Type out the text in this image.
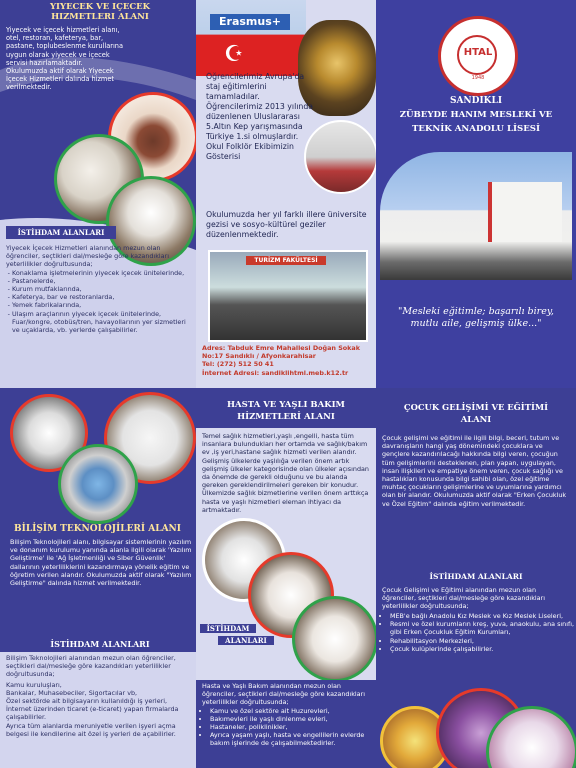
YIYECEK VE IÇECEK HIZMETLERI ALANI
Yiyecek ve içecek hizmetleri alanı, otel, restoran, kafeterya, bar, pastane, toplubeslenme kurullarına uygun olarak yiyecek ve içecek servisi hazırlamaktadır. Okulumuzda aktif olarak Yiyecek İçecek Hizmetleri dalında hizmet verilmektedir.
İSTİHDAM ALANLARI

Yiyecek İçecek Hizmetleri alanından mezun olan öğrenciler, seçtikleri dal/mesleğe göre kazandıkları yeterlilikler doğrultusunda;

- Konaklama işletmelerinin yiyecek içecek ünitelerinde,
- Pastanelerde,
- Kurum mutfaklarında,
- Kafeterya, bar ve restoranlarda,
- Yemek fabrikalarında,
- Ulaşım araçlarının yiyecek içecek ünitelerinde, Fuar/kongre, otobüs/tren, havayollarının yer sizmetleri ve uçaklarda, vb. yerlerde çalışabilirler.
Erasmus+
☪
• Öğrencilerimiz Avrupa'da staj eğitimlerini tamamladılar.
• Öğrencilerimiz 2013 yılında düzenlenen Uluslararası 5.Altın Kep yarışmasında Türkiye 1.si olmuşlardır.
• Okul Folklör Ekibimizin Gösterisi
• Okulumuzda her yıl farklı illere üniversite gezisi ve sosyo-kültürel geziler düzenlenmektedir.
TURİZM FAKÜLTESİ
Adres: Tabduk Emre Mahallesi Doğan Sokak No:17 Sandıklı / Afyonkarahisar
Tel: (272) 512 50 41
İnternet Adresi: sandiklihtml.meb.k12.tr
HTAL
1948
SANDIKLI
ZÜBEYDE HANIM MESLEKİ VE
TEKNİK ANADOLU LİSESİ
"Mesleki eğitimle; başarılı birey, mutlu aile, gelişmiş ülke..."
BİLİŞİM TEKNOLOJİLERİ ALANI
Bilişim Teknolojileri alanı, bilgisayar sistemlerinin yazılım ve donanım kurulumu yanında alanla ilgili olarak 'Yazılım Geliştirme' ile 'Ağ İşletmenliği ve Siber Güvenlik' dallarının yeterliliklerini kazandırmaya yönelik eğitim ve öğretim verilen alandır. Okulumuzda aktif olarak "Yazılım Geliştirme" dalında hizmet verilmektedir.
İSTİHDAM ALANLARI

Bilişim Teknolojileri alanından mezun olan öğrenciler, seçtikleri dal/mesleğe göre kazandıkları yeterlilikler doğrultusunda;

Kamu kuruluşları,
Bankalar, Muhasebeciler, Sigortacılar vb,
Özel sektörde ait bilgisayarın kullanıldığı iş yerleri, İnternet üzerinden ticaret (e-ticaret) yapan firmalarda çalışabilirler.
Ayrıca tüm alanlarda meruniyetle verilen işyeri açma belgesi ile kendilerine ait özel iş yerleri de açabilirler.
HASTA VE YAŞLI BAKIM
HİZMETLERİ ALANI
Temel sağlık hizmetleri,yaşlı ,engelli, hasta tüm insanlara bulundukları her ortamda ve sağlık/bakım ev ,iş yeri,hastane sağlık hizmeti verilen alandır. Gelişmiş ülkelerde yaşlılığa verilen önem artık gelişmiş ülkeler kategorisinde olan ülkeler açısından da önemde de gerekli olduğunu ve bu alanda gereken gereklendirilmeleri gereken bir konudur. Ülkemizde sağlık bizmetlerine verilen önem arttıkça hasta ve yaşlı hizmetleri eleman ihtiyacı da artmaktadır.
İSTİHDAM
ALANLARI

Hasta ve Yaşlı Bakım alanından mezun olan öğrenciler, seçtikleri dal/mesleğe göre kazandıkları yeterlilikler doğrultusunda;

• Kamu ve özel sektöre ait Huzurevleri,
• Bakımevleri ile yaşlı dinlenme evleri,
• Hastaneler, poliklinikler,
• Ayrıca yaşam yaşlı, hasta ve engellilerin evlerde bakım işlerinde de çalışabilmektedirler.
ÇOCUK GELİŞİMİ VE EĞİTİMİ
ALANI
Çocuk gelişimi ve eğitimi ile ilgili bilgi, beceri, tutum ve davranışların hangi yaş dönemindeki çocuklara ve gençlere kazandırılacağı hakkında bilgi veren, çocuğun tüm gelişimlerini desteklenen, plan yapan, uygulayan, insan ilişkileri ve empatiye önem veren, çocuk sağlığı ve hastalıkları konusunda bilgi sahibi olan, özel eğitime muhtaç çocukların gelişimlerine ve uyumlarına yardımcı olan bir alandır. Okulumuzda aktif olarak "Erken Çocukluk ve Özel Eğitim" dalında eğitim verilmektedir.
İSTİHDAM ALANLARI
Çocuk Gelişimi ve Eğitimi alanından mezun olan öğrenciler, seçtikleri dal/mesleğe göre kazandıkları yeterlilikler doğrultusunda;
• MEB'e bağlı Anadolu Kız Meslek ve Kız Meslek Liseleri,
• Resmi ve özel kurumların kreş, yuva, anaokulu, ana sınıfı, gibi Erken Çocukluk Eğitim Kurumları,
• Rehabilitasyon Merkezleri,
• Çocuk kulüplerinde çalışabilirler.
